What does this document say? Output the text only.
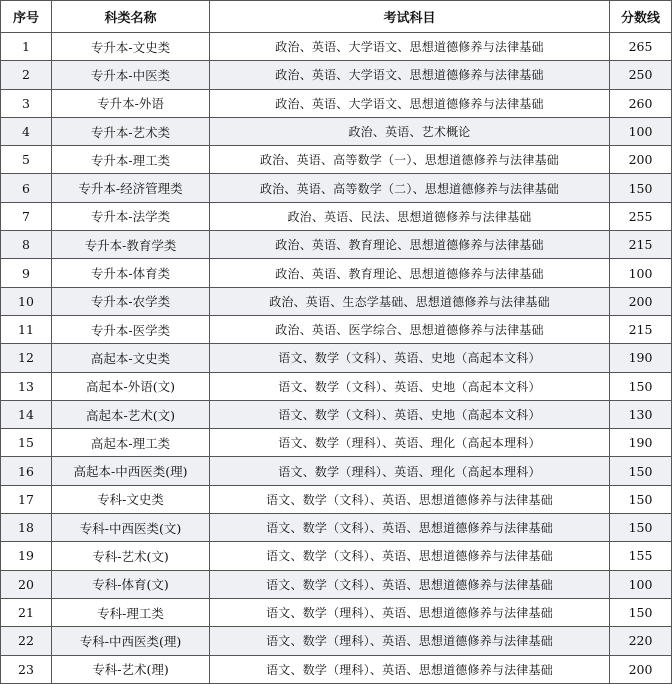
序号	科类名称	考试科目	分数线
1	专升本-文史类	政治、英语、大学语文、思想道德修养与法律基础	265
2	专升本-中医类	政治、英语、大学语文、思想道德修养与法律基础	250
3	专升本-外语	政治、英语、大学语文、思想道德修养与法律基础	260
4	专升本-艺术类	政治、英语、艺术概论	100
5	专升本-理工类	政治、英语、高等数学（一）、思想道德修养与法律基础	200
6	专升本-经济管理类	政治、英语、高等数学（二）、思想道德修养与法律基础	150
7	专升本-法学类	政治、英语、民法、思想道德修养与法律基础	255
8	专升本-教育学类	政治、英语、教育理论、思想道德修养与法律基础	215
9	专升本-体育类	政治、英语、教育理论、思想道德修养与法律基础	100
10	专升本-农学类	政治、英语、生态学基础、思想道德修养与法律基础	200
11	专升本-医学类	政治、英语、医学综合、思想道德修养与法律基础	215
12	高起本-文史类	语文、数学（文科）、英语、史地（高起本文科）	190
13	高起本-外语(文)	语文、数学（文科）、英语、史地（高起本文科）	150
14	高起本-艺术(文)	语文、数学（文科）、英语、史地（高起本文科）	130
15	高起本-理工类	语文、数学（理科）、英语、理化（高起本理科）	190
16	高起本-中西医类(理)	语文、数学（理科）、英语、理化（高起本理科）	150
17	专科-文史类	语文、数学（文科）、英语、思想道德修养与法律基础	150
18	专科-中西医类(文)	语文、数学（文科）、英语、思想道德修养与法律基础	150
19	专科-艺术(文)	语文、数学（文科）、英语、思想道德修养与法律基础	155
20	专科-体育(文)	语文、数学（文科）、英语、思想道德修养与法律基础	100
21	专科-理工类	语文、数学（理科）、英语、思想道德修养与法律基础	150
22	专科-中西医类(理)	语文、数学（理科）、英语、思想道德修养与法律基础	220
23	专科-艺术(理)	语文、数学（理科）、英语、思想道德修养与法律基础	200
